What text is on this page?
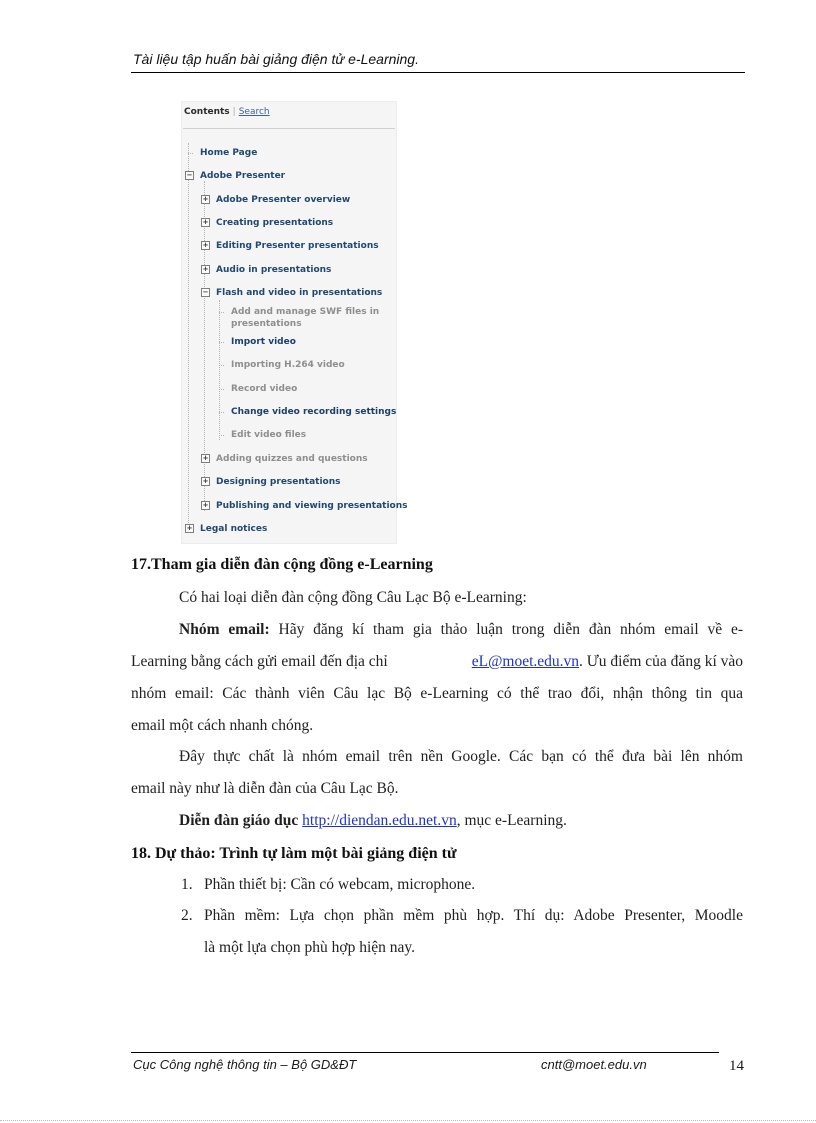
Tài liệu tập huấn bài giảng điện tử e-Learning.
Contents | Search
Home Page
− Adobe Presenter
+ Adobe Presenter overview
+ Creating presentations
+ Editing Presenter presentations
+ Audio in presentations
− Flash and video in presentations
Add and manage SWF files in
presentations
Import video
Importing H.264 video
Record video
Change video recording settings
Edit video files
+ Adding quizzes and questions
+ Designing presentations
+ Publishing and viewing presentations
+ Legal notices
17.Tham gia diễn đàn cộng đồng e-Learning
Có hai loại diễn đàn cộng đồng Câu Lạc Bộ e-Learning:
Nhóm email: Hãy đăng kí tham gia thảo luận trong diễn đàn nhóm email về e-
Learning bằng cách gửi email đến địa chỉ	eL@moet.edu.vn. Ưu điểm của đăng kí vào
nhóm email: Các thành viên Câu lạc Bộ e-Learning có thể trao đổi, nhận thông tin qua
email một cách nhanh chóng.
Đây thực chất là nhóm email trên nền Google. Các bạn có thể đưa bài lên nhóm
email này như là diễn đàn của Câu Lạc Bộ.
Diễn đàn giáo dục http://diendan.edu.net.vn, mục e-Learning.
18. Dự thảo: Trình tự làm một bài giảng điện tử
1. Phần thiết bị: Cần có webcam, microphone.
2. Phần mềm: Lựa chọn phần mềm phù hợp. Thí dụ: Adobe Presenter, Moodle
là một lựa chọn phù hợp hiện nay.
Cục Công nghệ thông tin – Bộ GD&ĐT	cntt@moet.edu.vn	14
